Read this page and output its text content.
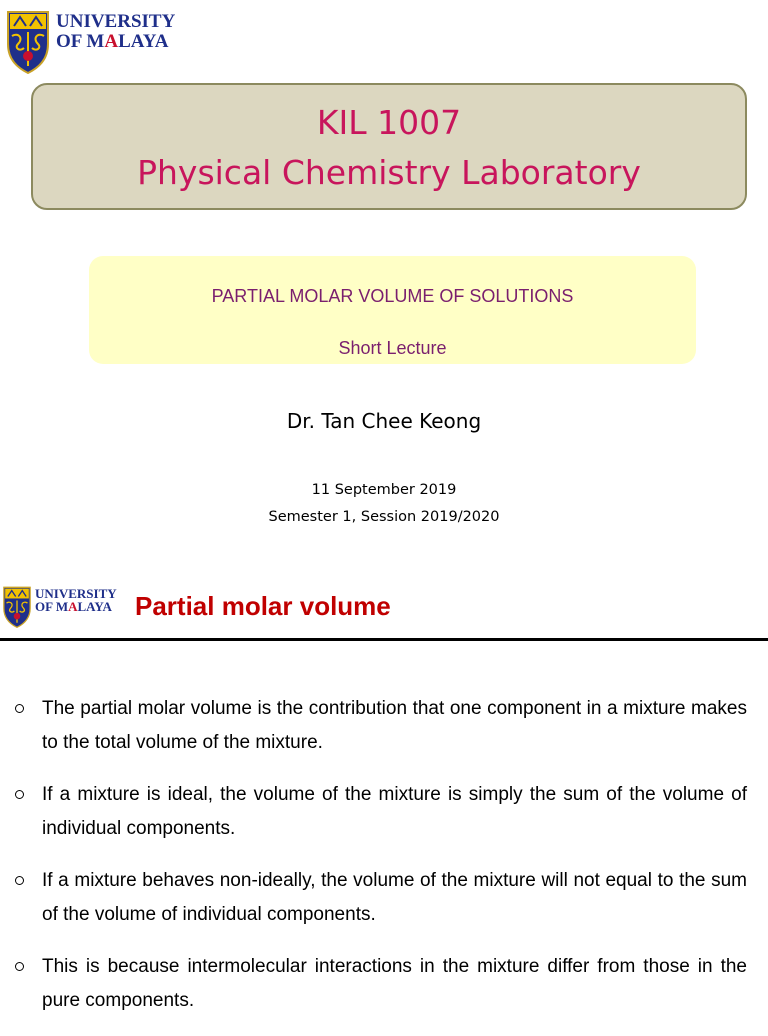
UNIVERSITY
OF MALAYA
KIL 1007
Physical Chemistry Laboratory
PARTIAL MOLAR VOLUME OF SOLUTIONS
Short Lecture
Dr. Tan Chee Keong
11 September 2019
Semester 1, Session 2019/2020
UNIVERSITY
OF MALAYA Partial molar volume
The partial molar volume is the contribution that one component in a mixture makes to the total volume of the mixture.
If a mixture is ideal, the volume of the mixture is simply the sum of the volume of individual components.
If a mixture behaves non-ideally, the volume of the mixture will not equal to the sum of the volume of individual components.
This is because intermolecular interactions in the mixture differ from those in the pure components.
